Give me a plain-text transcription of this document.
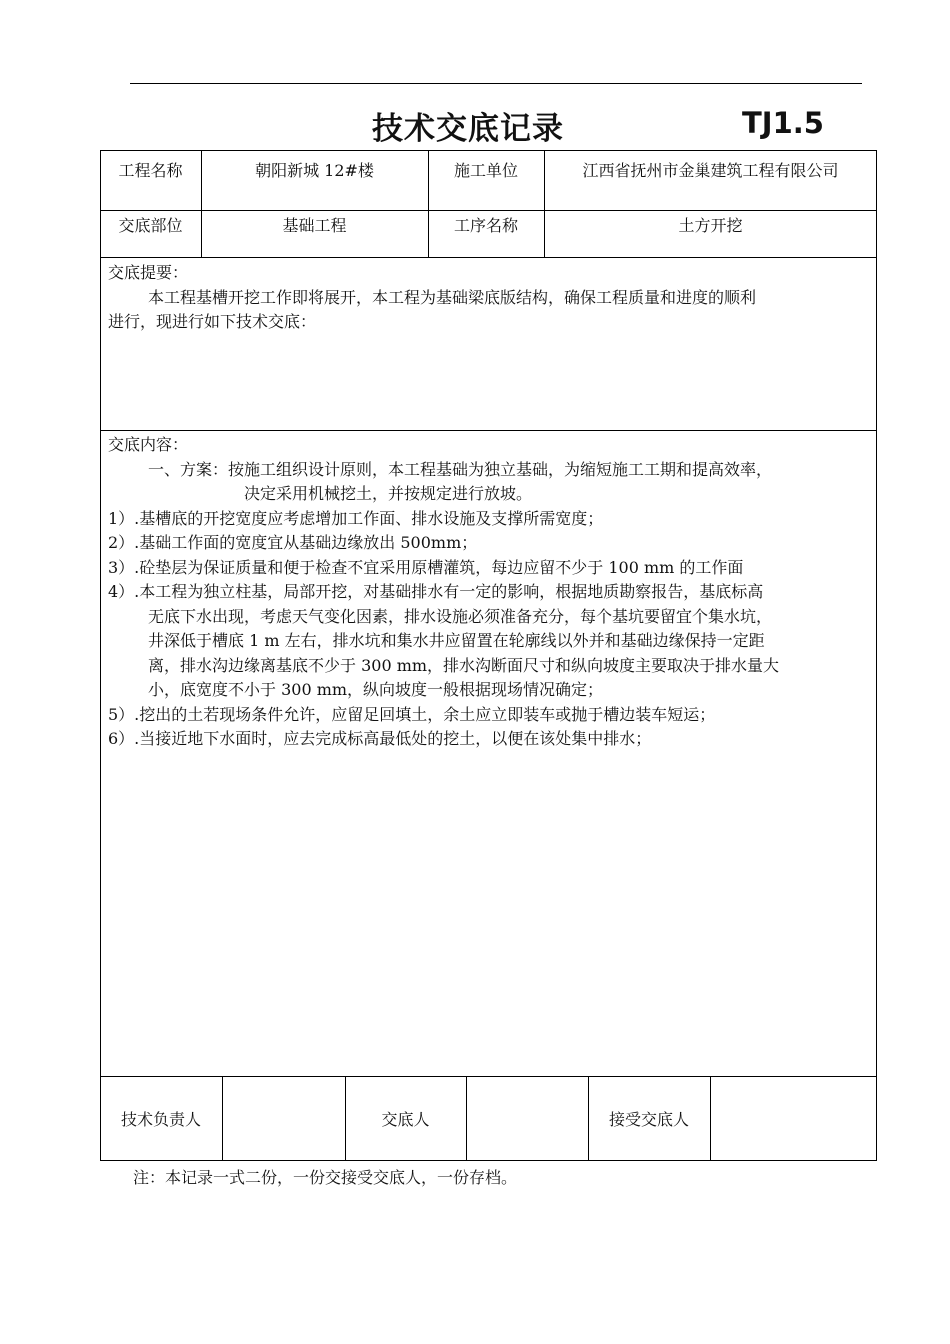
技术交底记录	TJ1.5
工程名称	朝阳新城 12#楼	施工单位	江西省抚州市金巢建筑工程有限公司
交底部位	基础工程	工序名称	土方开挖

交底提要：

本工程基槽开挖工作即将展开，本工程为基础梁底版结构，确保工程质量和进度的顺利

进行，现进行如下技术交底：

交底内容：

一、方案：按施工组织设计原则，本工程基础为独立基础，为缩短施工工期和提高效率，

决定采用机械挖土，并按规定进行放坡。

1）.基槽底的开挖宽度应考虑增加工作面、排水设施及支撑所需宽度；

2）.基础工作面的宽度宜从基础边缘放出 500mm；

3）.砼垫层为保证质量和便于检查不宜采用原槽灌筑，每边应留不少于 100 mm 的工作面

4）.本工程为独立柱基，局部开挖，对基础排水有一定的影响，根据地质勘察报告，基底标高

无底下水出现，考虑天气变化因素，排水设施必须准备充分，每个基坑要留宜个集水坑，

井深低于槽底 1 m 左右，排水坑和集水井应留置在轮廓线以外并和基础边缘保持一定距

离，排水沟边缘离基底不少于 300 mm，排水沟断面尺寸和纵向坡度主要取决于排水量大

小，底宽度不小于 300 mm，纵向坡度一般根据现场情况确定；

5）.挖出的土若现场条件允许，应留足回填土，余土应立即装车或抛于槽边装车短运；

6）.当接近地下水面时，应去完成标高最低处的挖土，以便在该处集中排水；

技术负责人	交底人	接受交底人
注：本记录一式二份，一份交接受交底人，一份存档。
